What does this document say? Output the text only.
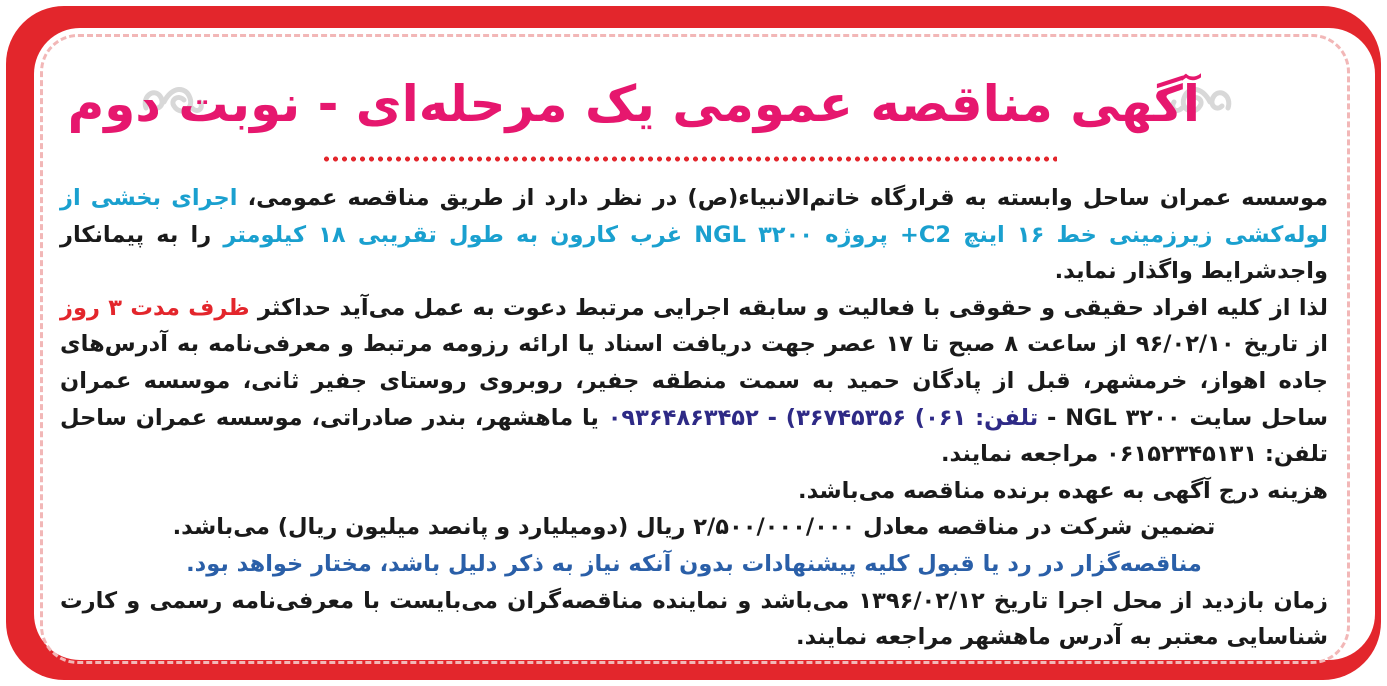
آگهی مناقصه عمومی یک مرحله‌ای - نوبت دوم

موسسه عمران ساحل وابسته به قرارگاه خاتم‌الانبیاء(ص) در نظر دارد از طریق مناقصه عمومی، اجرای بخشی از لوله‌کشی زیرزمینی خط ۱۶ اینچ C2+ پروژه NGL ۳۲۰۰ غرب کارون به طول تقریبی ۱۸ کیلومتر را به پیمانکار واجدشرایط واگذار نماید.

لذا از کلیه افراد حقیقی و حقوقی با فعالیت و سابقه اجرایی مرتبط دعوت به عمل می‌آید حداکثر ظرف مدت ۳ روز از تاریخ ۹۶/۰۲/۱۰ از ساعت ۸ صبح تا ۱۷ عصر جهت دریافت اسناد یا ارائه رزومه مرتبط و معرفی‌نامه به آدرس‌های جاده اهواز، خرمشهر، قبل از پادگان حمید به سمت منطقه جفیر، روبروی روستای جفیر ثانی، موسسه عمران ساحل سایت NGL ۳۲۰۰ - تلفن: ۰۶۱) ۳۶۷۴۵۳۵۶) - ۰۹۳۶۴۸۶۳۴۵۲ یا ماهشهر، بندر صادراتی، موسسه عمران ساحل تلفن: ۰۶۱۵۲۳۴۵۱۳۱ مراجعه نمایند.

هزینه درج آگهی به عهده برنده مناقصه می‌باشد.

تضمین شرکت در مناقصه معادل ۲/۵۰۰/۰۰۰/۰۰۰ ریال (دومیلیارد و پانصد میلیون ریال) می‌باشد.

مناقصه‌گزار در رد یا قبول کلیه پیشنهادات بدون آنکه نیاز به ذکر دلیل باشد، مختار خواهد بود.

زمان بازدید از محل اجرا تاریخ ۱۳۹۶/۰۲/۱۲ می‌باشد و نماینده مناقصه‌گران می‌بایست با معرفی‌نامه رسمی و کارت شناسایی معتبر به آدرس ماهشهر مراجعه نمایند.
